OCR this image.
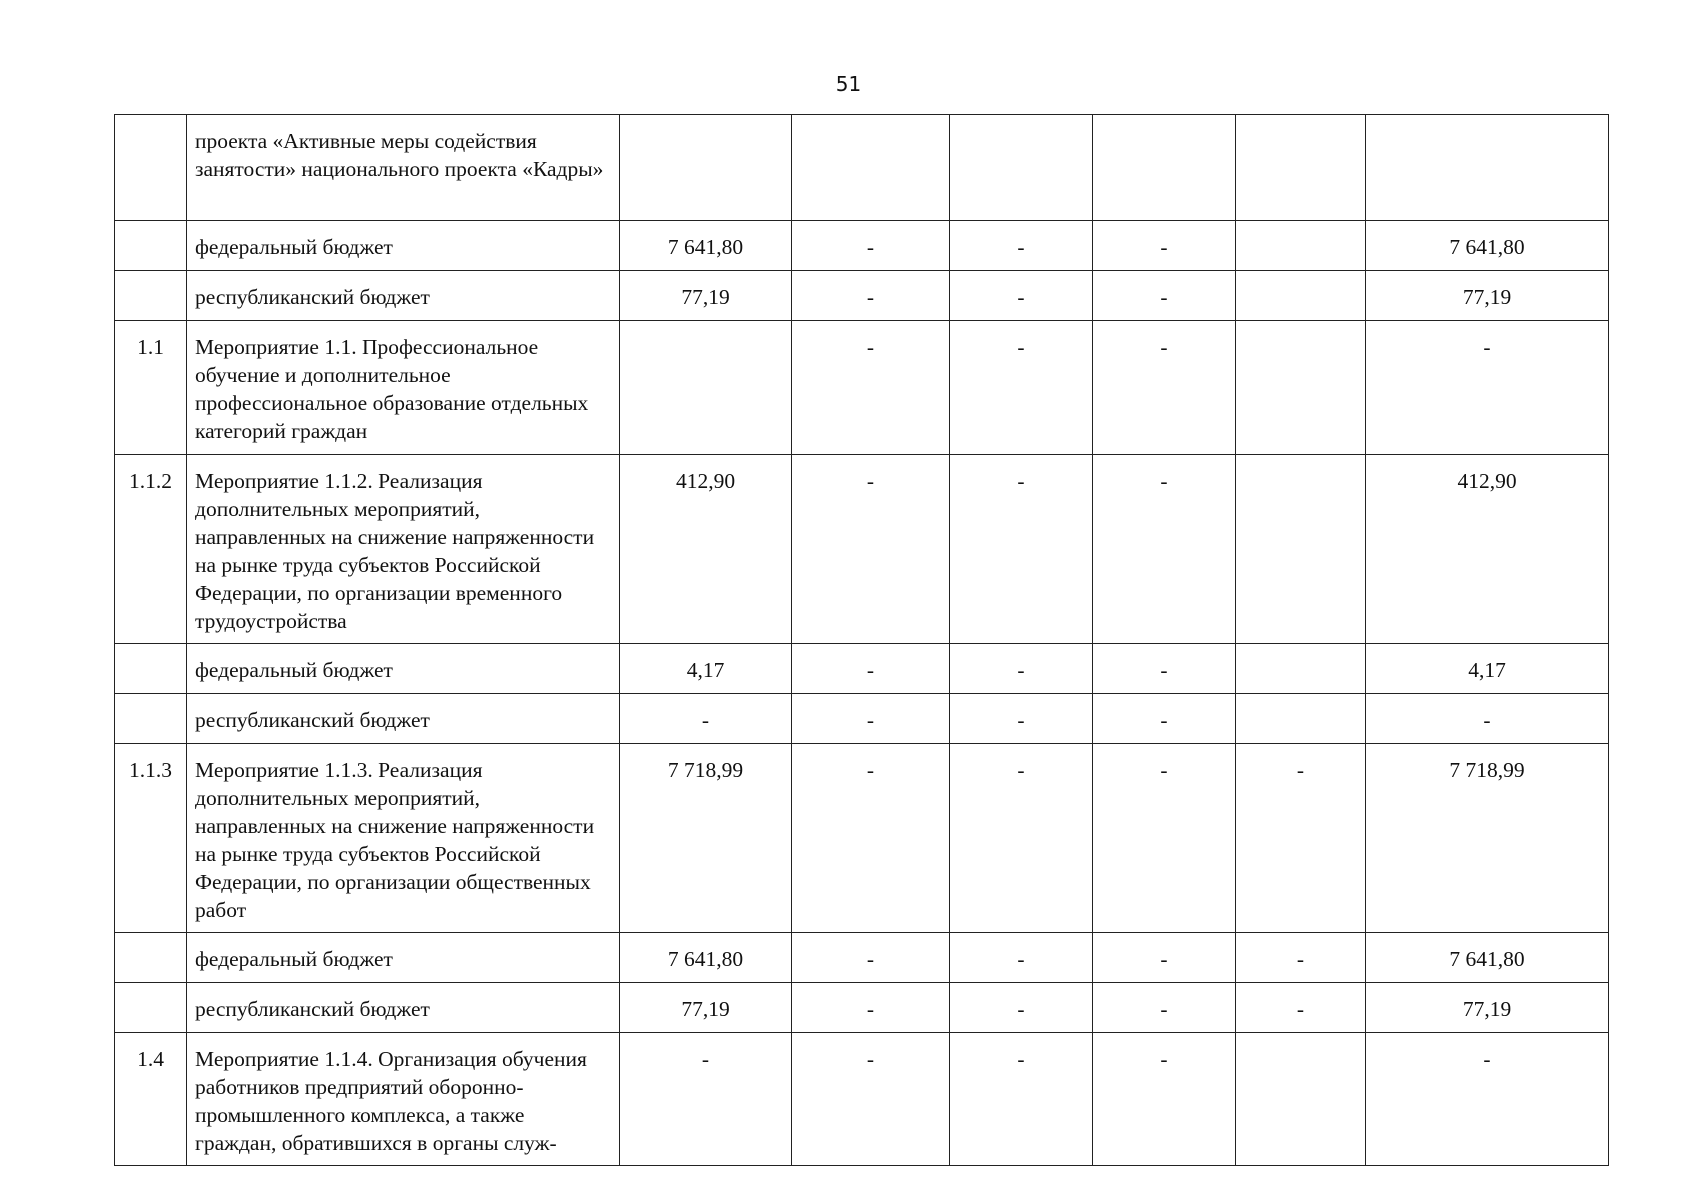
51
	проекта «Активные меры содействия занятости» национального проекта «Кадры»						
	федеральный бюджет	7 641,80	-	-	-		7 641,80
	республиканский бюджет	77,19	-	-	-		77,19
1.1	Мероприятие 1.1. Профессиональное обучение и дополнительное профессиональное образование отдельных категорий граждан		-	-	-		-
1.1.2	Мероприятие 1.1.2. Реализация дополнительных мероприятий, направленных на снижение напряженности на рынке труда субъектов Российской Федерации, по организации временного трудоустройства	412,90	-	-	-		412,90
	федеральный бюджет	4,17	-	-	-		4,17
	республиканский бюджет	-	-	-	-		-
1.1.3	Мероприятие 1.1.3. Реализация дополнительных мероприятий, направленных на снижение напряженности на рынке труда субъектов Российской Федерации, по организации общественных работ	7 718,99	-	-	-	-	7 718,99
	федеральный бюджет	7 641,80	-	-	-	-	7 641,80
	республиканский бюджет	77,19	-	-	-	-	77,19
1.4	Мероприятие 1.1.4. Организация обучения работников предприятий оборонно-промышленного комплекса, а также граждан, обратившихся в органы служ-	-	-	-	-		-
